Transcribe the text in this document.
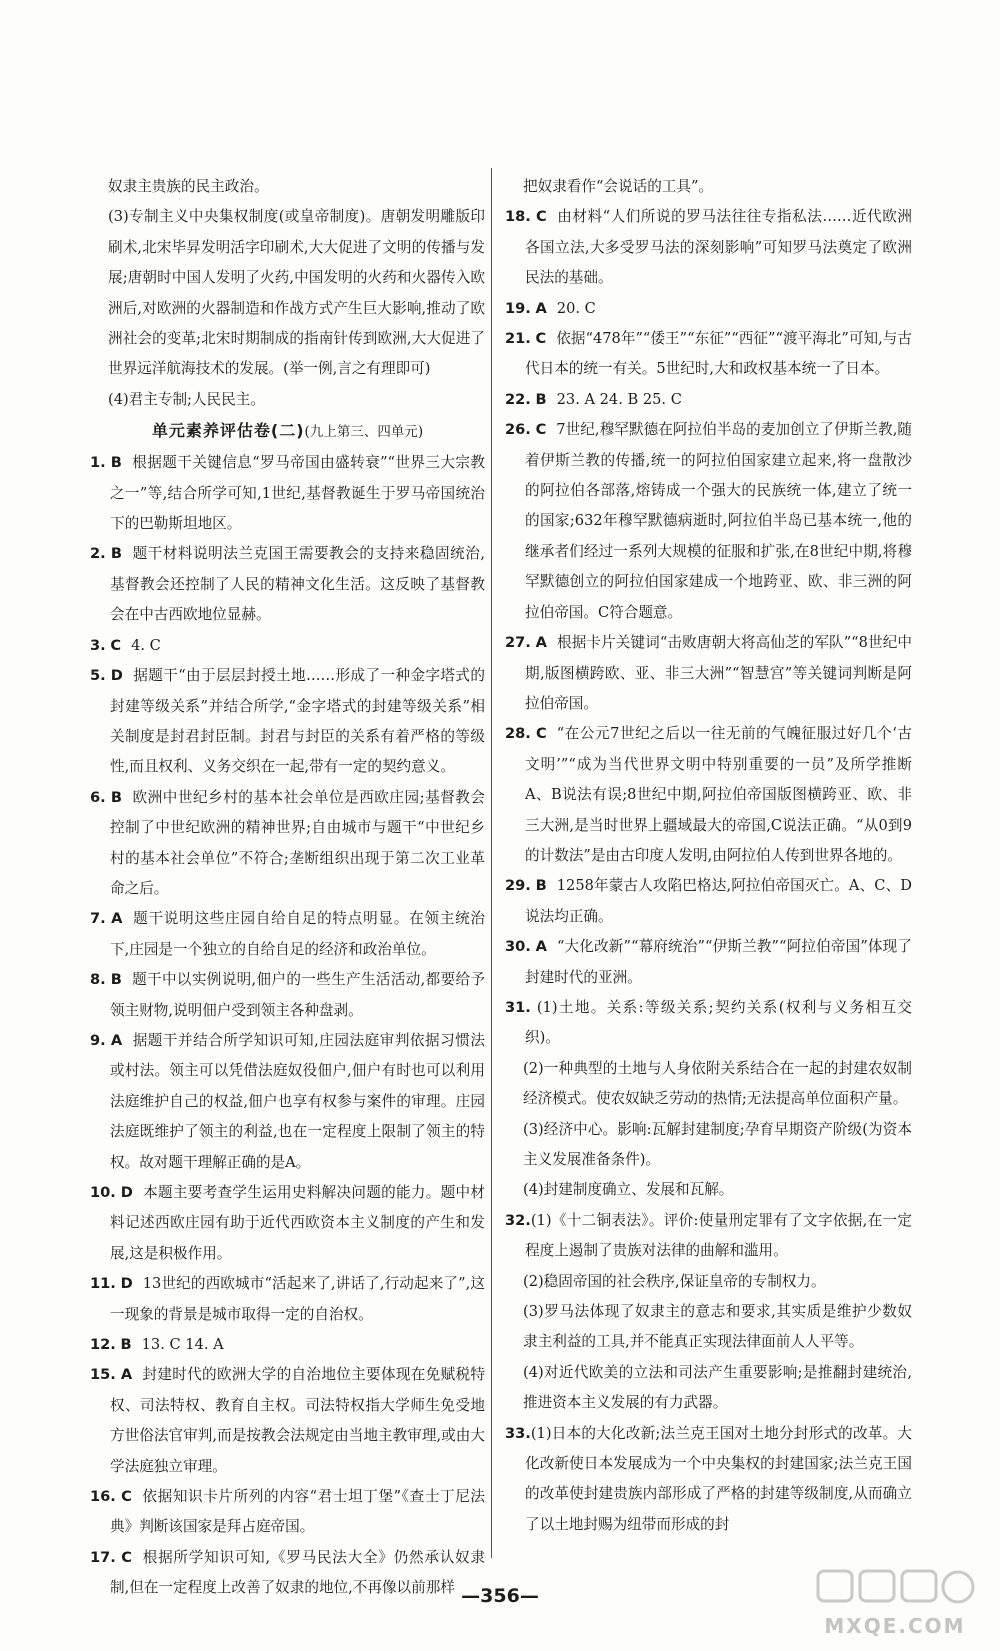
奴隶主贵族的民主政治。

(3)专制主义中央集权制度(或皇帝制度)。唐朝发明雕版印刷术,北宋毕昇发明活字印刷术,大大促进了文明的传播与发展;唐朝时中国人发明了火药,中国发明的火药和火器传入欧洲后,对欧洲的火器制造和作战方式产生巨大影响,推动了欧洲社会的变革;北宋时期制成的指南针传到欧洲,大大促进了世界远洋航海技术的发展。(举一例,言之有理即可)

(4)君主专制;人民民主。

单元素养评估卷(二)(九上第三、四单元)

1. B 根据题干关键信息“罗马帝国由盛转衰”“世界三大宗教之一”等,结合所学可知,1世纪,基督教诞生于罗马帝国统治下的巴勒斯坦地区。

2. B 题干材料说明法兰克国王需要教会的支持来稳固统治,基督教会还控制了人民的精神文化生活。这反映了基督教会在中古西欧地位显赫。

3. C 4. C

5. D 据题干“由于层层封授土地……形成了一种金字塔式的封建等级关系”并结合所学,“金字塔式的封建等级关系”相关制度是封君封臣制。封君与封臣的关系有着严格的等级性,而且权利、义务交织在一起,带有一定的契约意义。

6. B 欧洲中世纪乡村的基本社会单位是西欧庄园;基督教会控制了中世纪欧洲的精神世界;自由城市与题干“中世纪乡村的基本社会单位”不符合;垄断组织出现于第二次工业革命之后。

7. A 题干说明这些庄园自给自足的特点明显。在领主统治下,庄园是一个独立的自给自足的经济和政治单位。

8. B 题干中以实例说明,佃户的一些生产生活活动,都要给予领主财物,说明佃户受到领主各种盘剥。

9. A 据题干并结合所学知识可知,庄园法庭审判依据习惯法或村法。领主可以凭借法庭奴役佃户,佃户有时也可以利用法庭维护自己的权益,佃户也享有权参与案件的审理。庄园法庭既维护了领主的利益,也在一定程度上限制了领主的特权。故对题干理解正确的是A。

10. D 本题主要考查学生运用史料解决问题的能力。题中材料记述西欧庄园有助于近代西欧资本主义制度的产生和发展,这是积极作用。

11. D 13世纪的西欧城市“活起来了,讲话了,行动起来了”,这一现象的背景是城市取得一定的自治权。

12. B 13. C 14. A

15. A 封建时代的欧洲大学的自治地位主要体现在免赋税特权、司法特权、教育自主权。司法特权指大学师生免受地方世俗法官审判,而是按教会法规定由当地主教审理,或由大学法庭独立审理。

16. C 依据知识卡片所列的内容“君士坦丁堡”《查士丁尼法典》判断该国家是拜占庭帝国。

17. C 根据所学知识可知,《罗马民法大全》仍然承认奴隶制,但在一定程度上改善了奴隶的地位,不再像以前那样

把奴隶看作“会说话的工具”。

18. C 由材料“人们所说的罗马法往往专指私法……近代欧洲各国立法,大多受罗马法的深刻影响”可知罗马法奠定了欧洲民法的基础。

19. A 20. C

21. C 依据“478年”“倭王”“东征”“西征”“渡平海北”可知,与古代日本的统一有关。5世纪时,大和政权基本统一了日本。

22. B 23. A 24. B 25. C

26. C 7世纪,穆罕默德在阿拉伯半岛的麦加创立了伊斯兰教,随着伊斯兰教的传播,统一的阿拉伯国家建立起来,将一盘散沙的阿拉伯各部落,熔铸成一个强大的民族统一体,建立了统一的国家;632年穆罕默德病逝时,阿拉伯半岛已基本统一,他的继承者们经过一系列大规模的征服和扩张,在8世纪中期,将穆罕默德创立的阿拉伯国家建成一个地跨亚、欧、非三洲的阿拉伯帝国。C符合题意。

27. A 根据卡片关键词“击败唐朝大将高仙芝的军队”“8世纪中期,版图横跨欧、亚、非三大洲”“智慧宫”等关键词判断是阿拉伯帝国。

28. C “在公元7世纪之后以一往无前的气魄征服过好几个‘古文明’”“成为当代世界文明中特别重要的一员”及所学推断A、B说法有误;8世纪中期,阿拉伯帝国版图横跨亚、欧、非三大洲,是当时世界上疆域最大的帝国,C说法正确。“从0到9的计数法”是由古印度人发明,由阿拉伯人传到世界各地的。

29. B 1258年蒙古人攻陷巴格达,阿拉伯帝国灭亡。A、C、D说法均正确。

30. A “大化改新”“幕府统治”“伊斯兰教”“阿拉伯帝国”体现了封建时代的亚洲。

31. (1)土地。关系:等级关系;契约关系(权利与义务相互交织)。

(2)一种典型的土地与人身依附关系结合在一起的封建农奴制经济模式。使农奴缺乏劳动的热情;无法提高单位面积产量。

(3)经济中心。影响:瓦解封建制度;孕育早期资产阶级(为资本主义发展准备条件)。

(4)封建制度确立、发展和瓦解。

32.(1)《十二铜表法》。评价:使量刑定罪有了文字依据,在一定程度上遏制了贵族对法律的曲解和滥用。

(2)稳固帝国的社会秩序,保证皇帝的专制权力。

(3)罗马法体现了奴隶主的意志和要求,其实质是维护少数奴隶主利益的工具,并不能真正实现法律面前人人平等。

(4)对近代欧美的立法和司法产生重要影响;是推翻封建统治,推进资本主义发展的有力武器。

33.(1)日本的大化改新;法兰克王国对土地分封形式的改革。大化改新使日本发展成为一个中央集权的封建国家;法兰克王国的改革使封建贵族内部形成了严格的封建等级制度,从而确立了以土地封赐为纽带而形成的封

—356—
MXQE.COM
